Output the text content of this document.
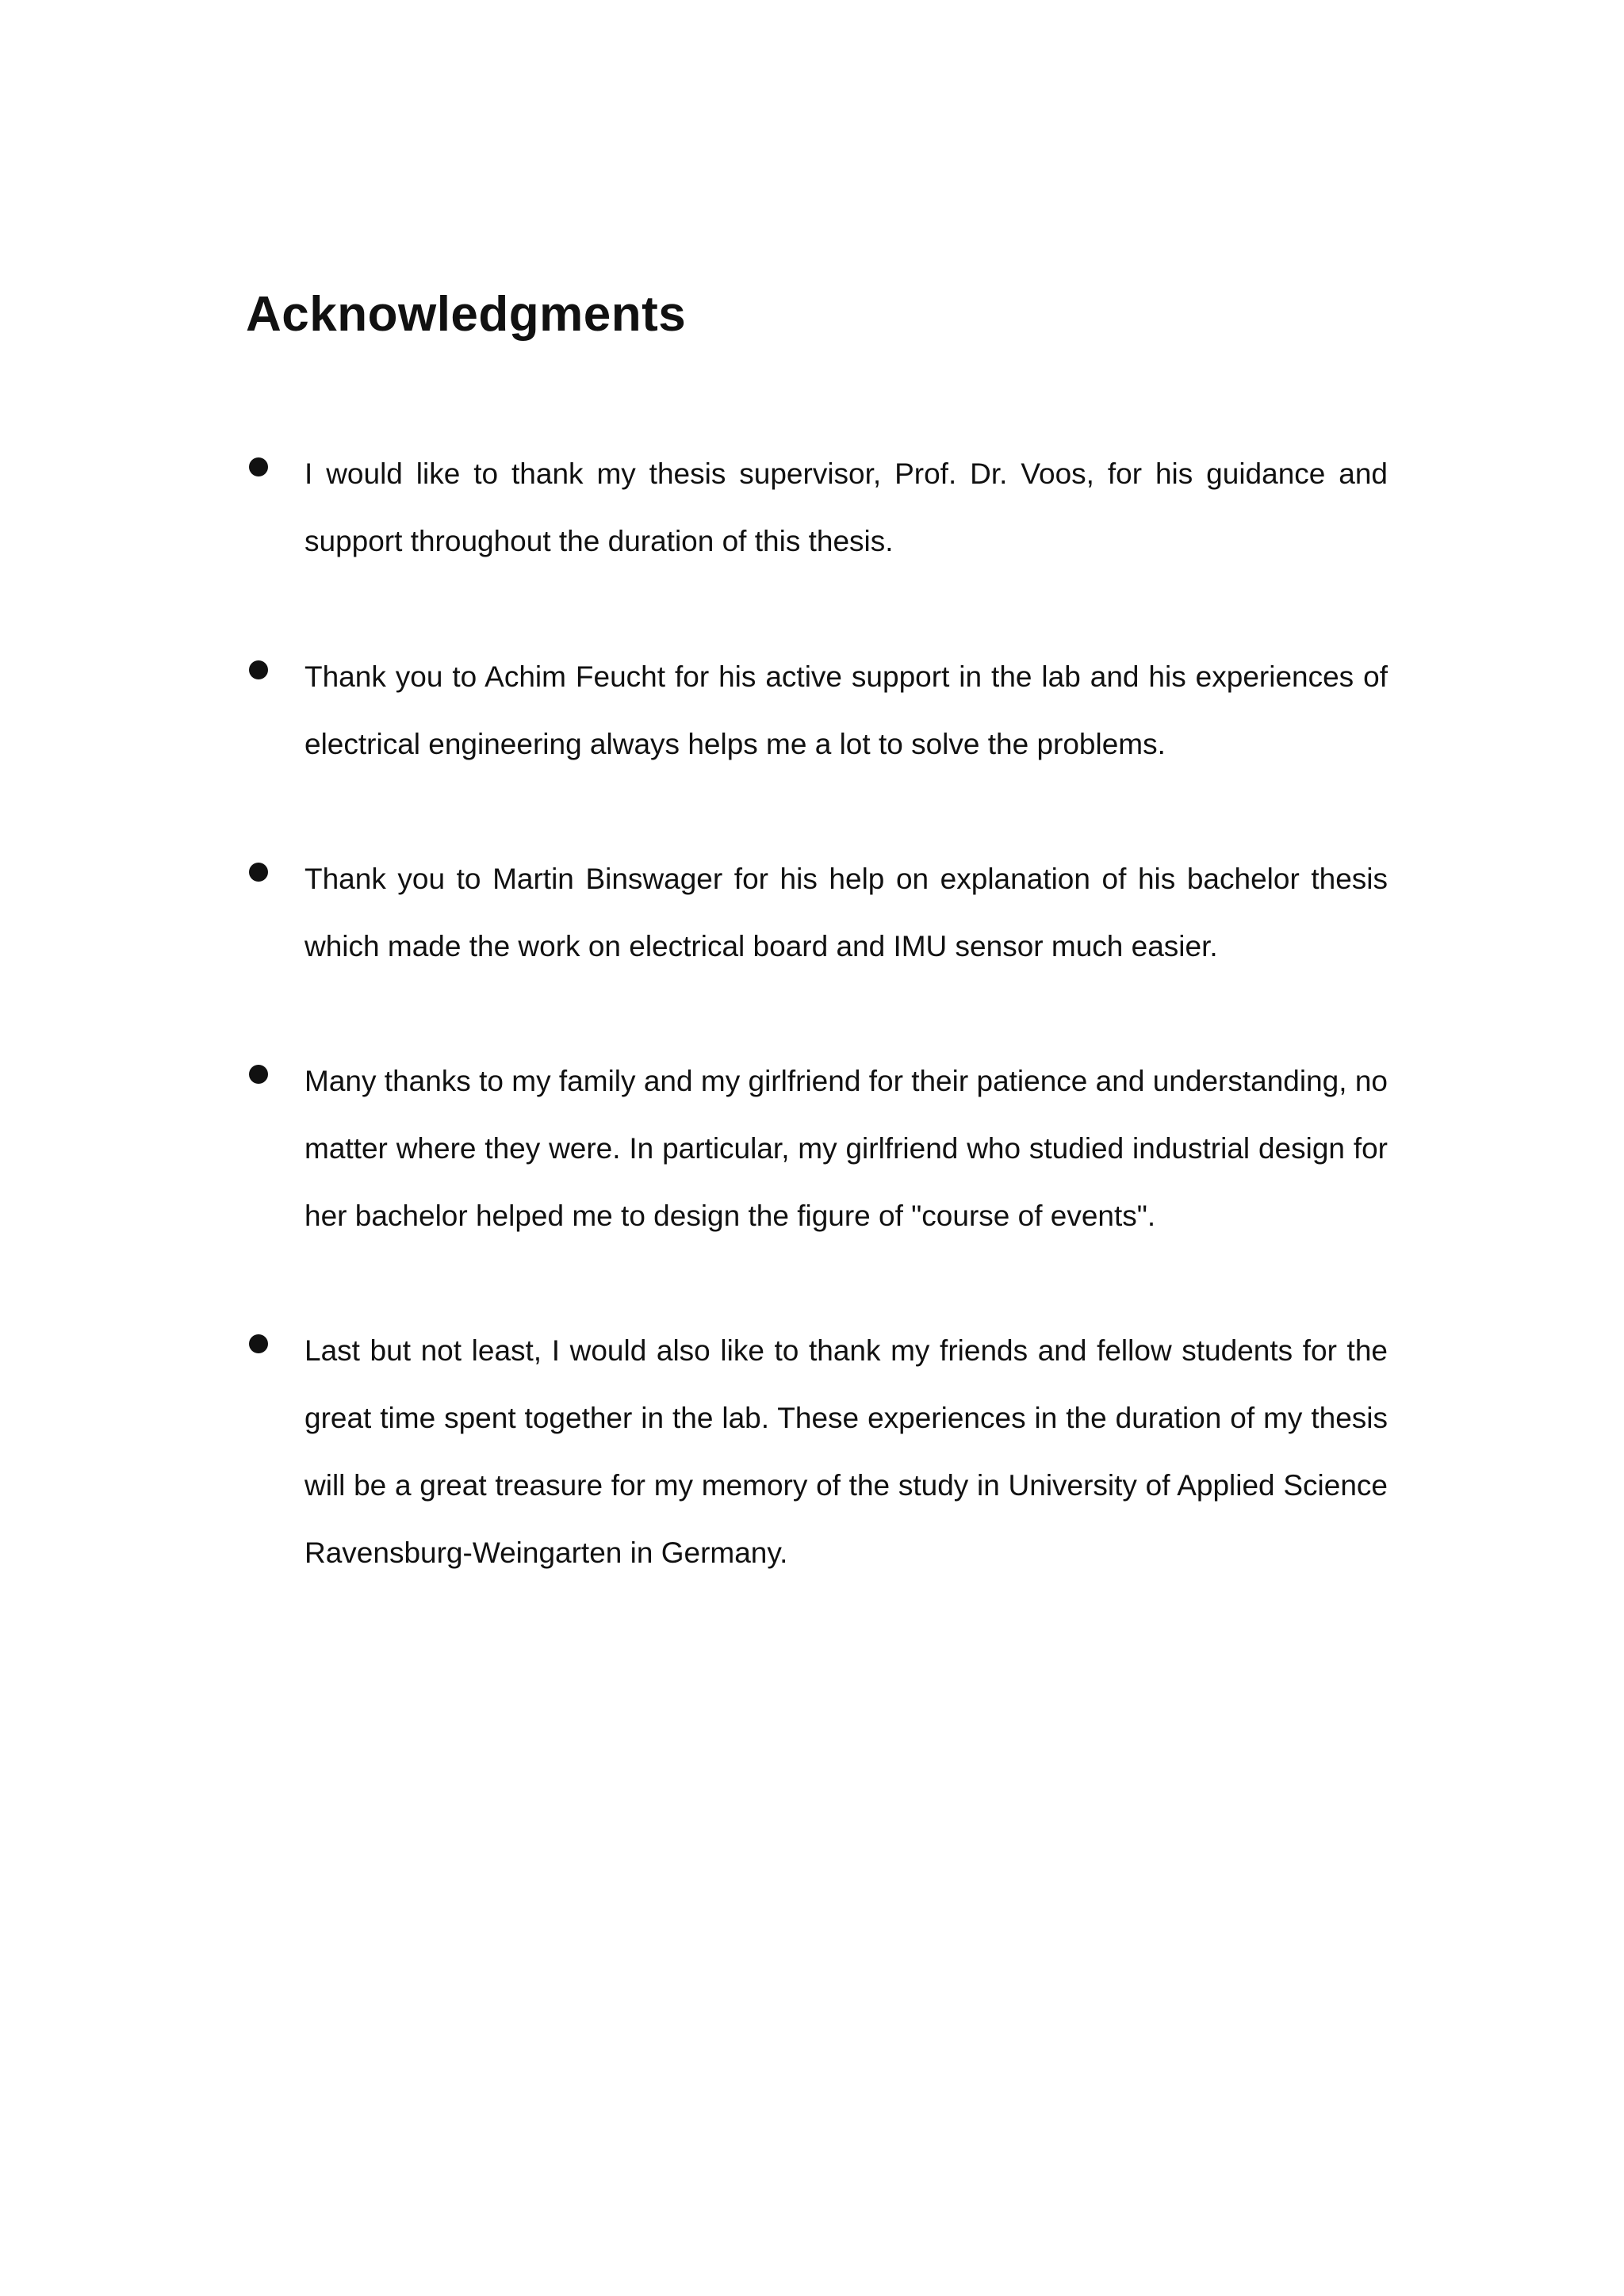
Acknowledgments

I would like to thank my thesis supervisor, Prof. Dr. Voos, for his guidance and support throughout the duration of this thesis.

Thank you to Achim Feucht for his active support in the lab and his experiences of electrical engineering always helps me a lot to solve the problems.

Thank you to Martin Binswager for his help on explanation of his bachelor thesis which made the work on electrical board and IMU sensor much easier.

Many thanks to my family and my girlfriend for their patience and understanding, no matter where they were. In particular, my girlfriend who studied industrial design for her bachelor helped me to design the figure of "course of events".

Last but not least, I would also like to thank my friends and fellow students for the great time spent together in the lab. These experiences in the duration of my thesis will be a great treasure for my memory of the study in University of Applied Science Ravensburg-Weingarten in Germany.
